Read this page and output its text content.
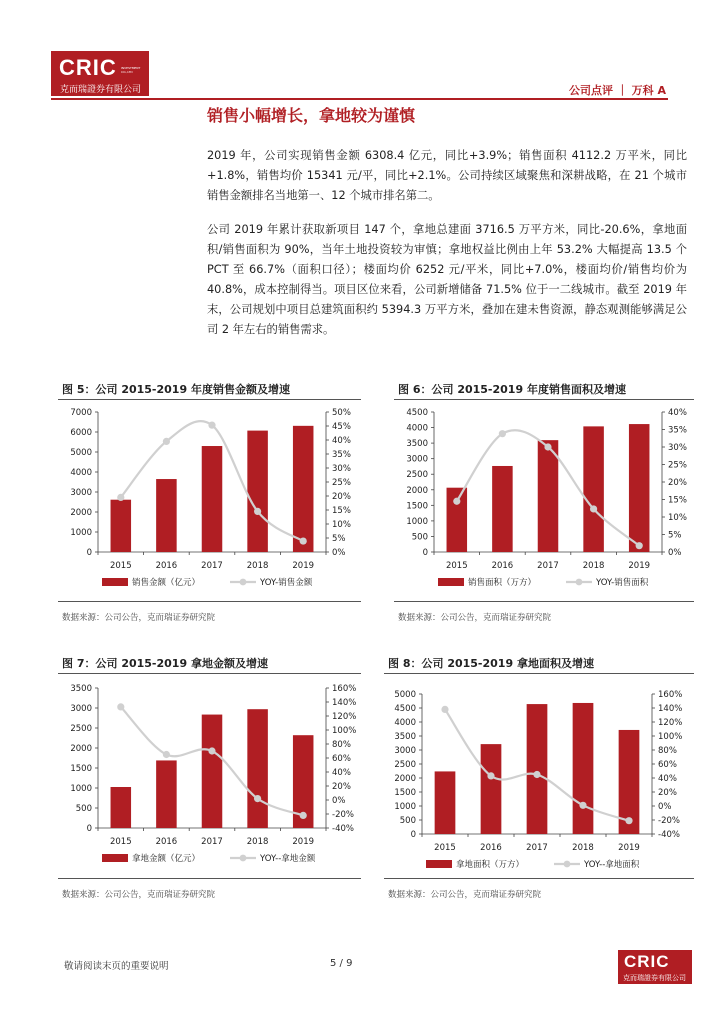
CRIC INVESTMENT CO.,LTD
克而瑞證券有限公司	公司点评 ｜ 万科 A
销售小幅增长，拿地较为谨慎

2019 年，公司实现销售金额 6308.4 亿元，同比+3.9%；销售面积 4112.2 万平米，同比+1.8%，销售均价 15341 元/平，同比+2.1%。公司持续区域聚焦和深耕战略，在 21 个城市销售金额排名当地第一、12 个城市排名第二。

公司 2019 年累计获取新项目 147 个，拿地总建面 3716.5 万平方米，同比-20.6%，拿地面积/销售面积为 90%，当年土地投资较为审慎；拿地权益比例由上年 53.2% 大幅提高 13.5 个 PCT 至 66.7%（面积口径）；楼面均价 6252 元/平米，同比+7.0%，楼面均价/销售均价为 40.8%，成本控制得当。项目区位来看，公司新增储备 71.5% 位于一二线城市。截至 2019 年末，公司规划中项目总建筑面积约 5394.3 万平方米，叠加在建未售资源，静态观测能够满足公司 2 年左右的销售需求。

图 5：公司 2015-2019 年度销售金额及增速
0
1000
2000
3000
4000
5000
6000
7000
0%
5%
10%
15%
20%
25%
30%
35%
40%
45%
50%
2015	2016	2017	2018	2019
销售金额（亿元）	YOY-销售金额
数据来源：公司公告，克而瑞证券研究院
图 6：公司 2015-2019 年度销售面积及增速
0
500
1000
1500
2000
2500
3000
3500
4000
4500
0%
5%
10%
15%
20%
25%
30%
35%
40%
2015	2016	2017	2018	2019
销售面积（万方）	YOY-销售面积
数据来源：公司公告，克而瑞证券研究院
图 7：公司 2015-2019 拿地金额及增速
0
500
1000
1500
2000
2500
3000
3500
-40%
-20%
0%
20%
40%
60%
80%
100%
120%
140%
160%
2015	2016	2017	2018	2019
拿地金额（亿元）	YOY--拿地金额
数据来源：公司公告，克而瑞证券研究院
图 8：公司 2015-2019 拿地面积及增速
0
500
1000
1500
2000
2500
3000
3500
4000
4500
5000
-40%
-20%
0%
20%
40%
60%
80%
100%
120%
140%
160%
2015	2016	2017	2018	2019
拿地面积（万方）	YOY--拿地面积
数据来源：公司公告，克而瑞证券研究院
敬请阅读末页的重要说明	5 / 9	CRIC
克而瑞證券有限公司
